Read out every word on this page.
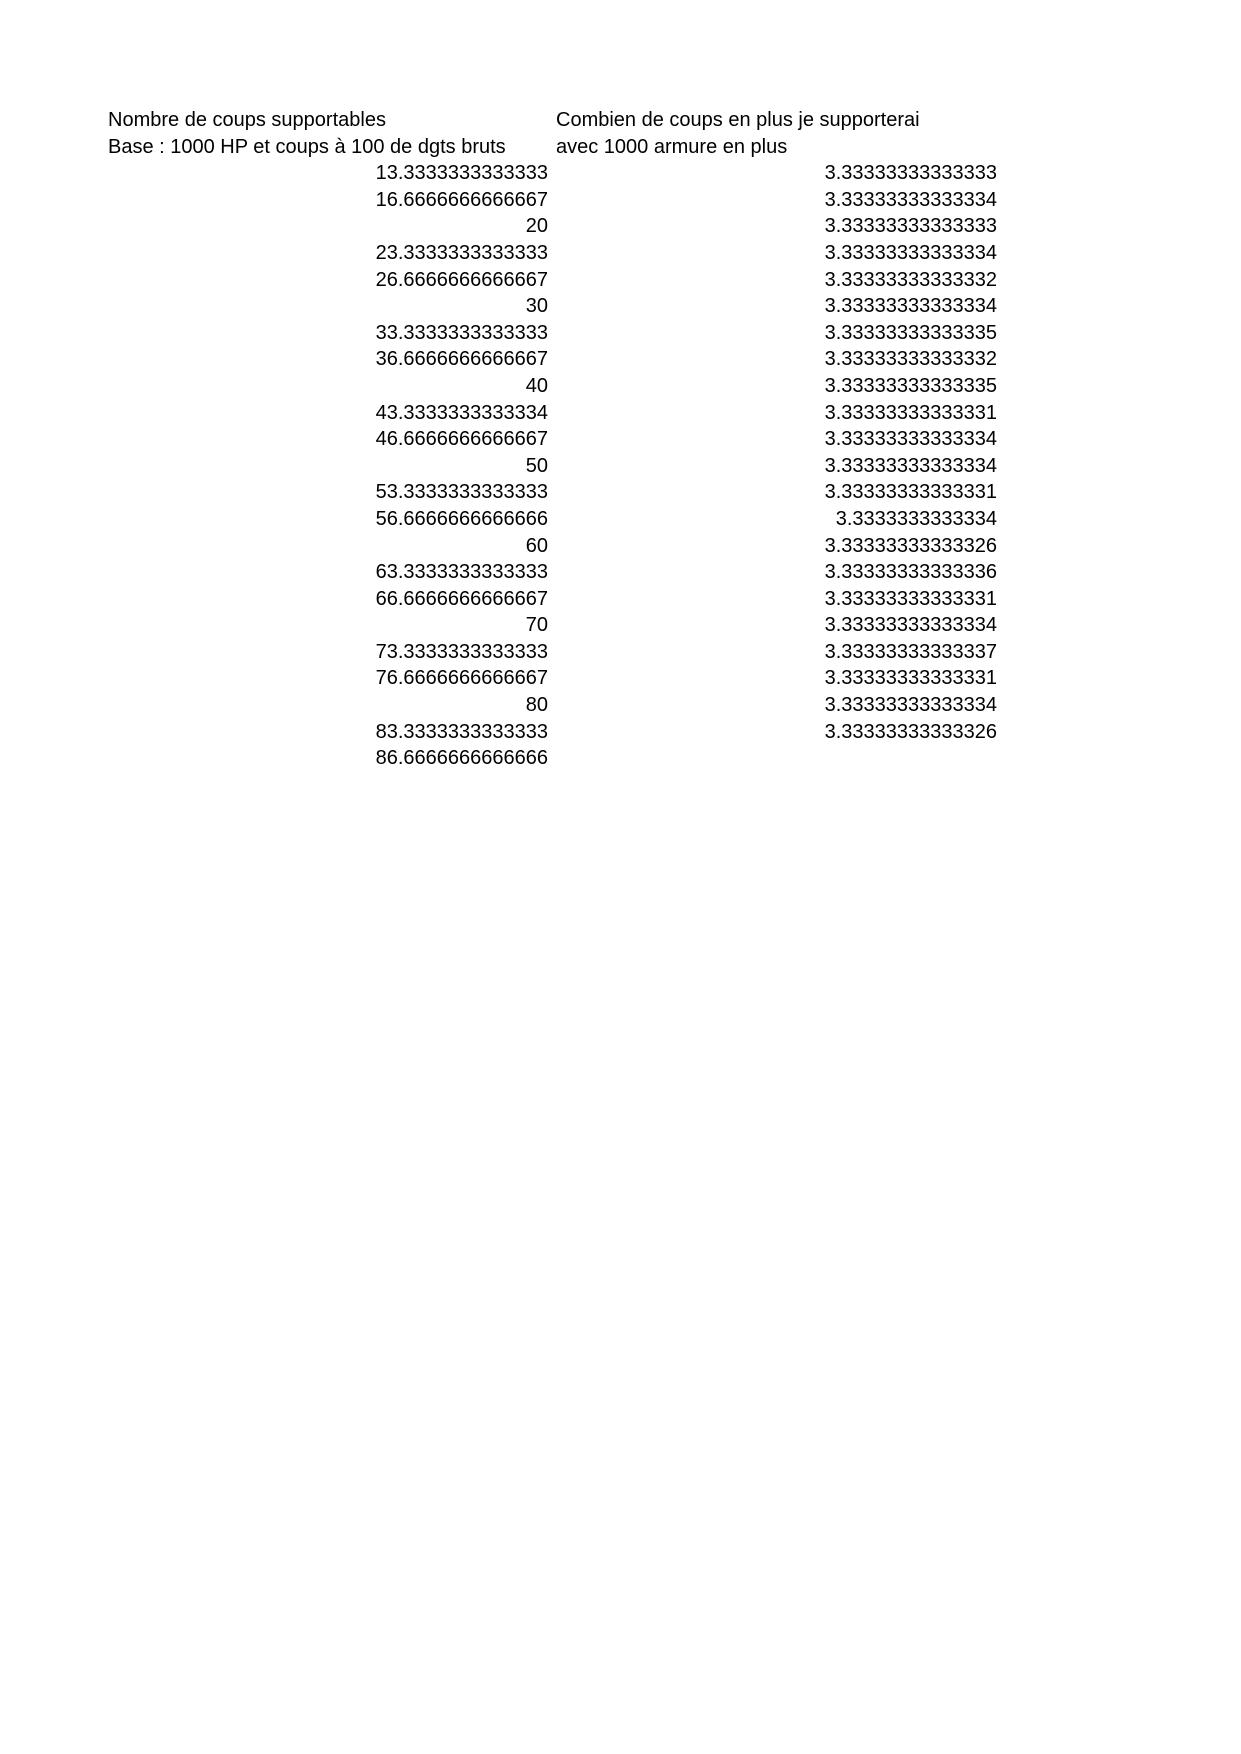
Nombre de coups supportables
Base : 1000 HP et coups à 100 de dgts bruts
Combien de coups en plus je supporterai
avec 1000 armure en plus
13.3333333333333
16.6666666666667
20
23.3333333333333
26.6666666666667
30
33.3333333333333
36.6666666666667
40
43.3333333333334
46.6666666666667
50
53.3333333333333
56.6666666666666
60
63.3333333333333
66.6666666666667
70
73.3333333333333
76.6666666666667
80
83.3333333333333
86.6666666666666
3.33333333333333
3.33333333333334
3.33333333333333
3.33333333333334
3.33333333333332
3.33333333333334
3.33333333333335
3.33333333333332
3.33333333333335
3.33333333333331
3.33333333333334
3.33333333333334
3.33333333333331
3.3333333333334
3.33333333333326
3.33333333333336
3.33333333333331
3.33333333333334
3.33333333333337
3.33333333333331
3.33333333333334
3.33333333333326
